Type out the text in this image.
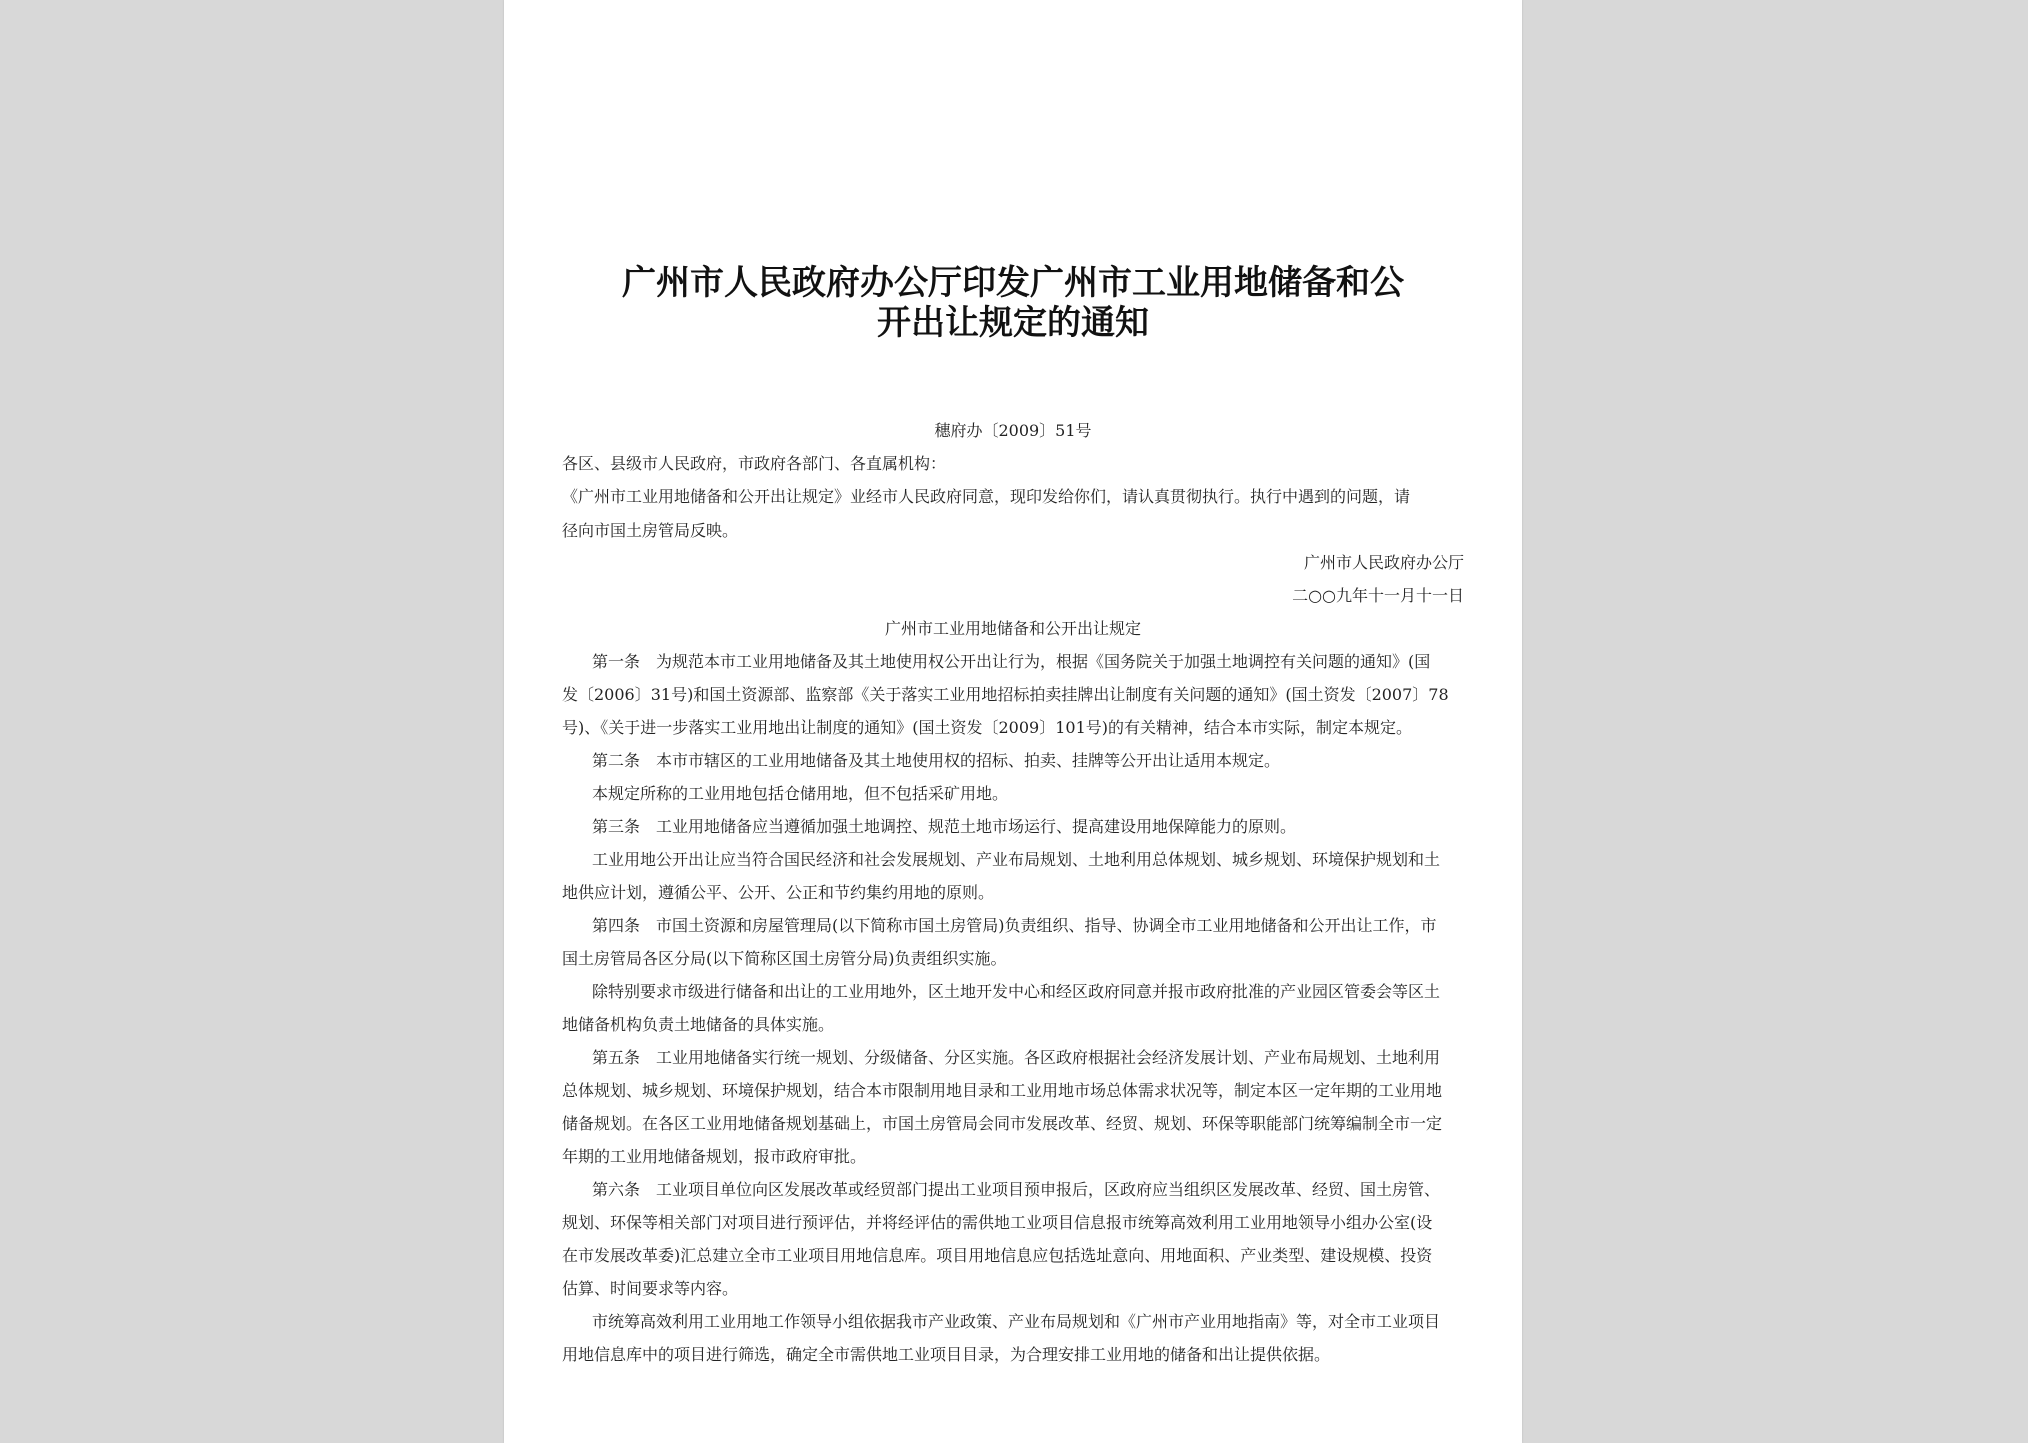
广州市人民政府办公厅印发广州市工业用地储备和公
开出让规定的通知
穗府办〔2009〕51号
各区、县级市人民政府，市政府各部门、各直属机构：
《广州市工业用地储备和公开出让规定》业经市人民政府同意，现印发给你们，请认真贯彻执行。执行中遇到的问题，请
径向市国土房管局反映。
广州市人民政府办公厅
二○○九年十一月十一日
广州市工业用地储备和公开出让规定
第一条　为规范本市工业用地储备及其土地使用权公开出让行为，根据《国务院关于加强土地调控有关问题的通知》(国
发〔2006〕31号)和国土资源部、监察部《关于落实工业用地招标拍卖挂牌出让制度有关问题的通知》(国土资发〔2007〕78
号)、《关于进一步落实工业用地出让制度的通知》(国土资发〔2009〕101号)的有关精神，结合本市实际，制定本规定。
第二条　本市市辖区的工业用地储备及其土地使用权的招标、拍卖、挂牌等公开出让适用本规定。
本规定所称的工业用地包括仓储用地，但不包括采矿用地。
第三条　工业用地储备应当遵循加强土地调控、规范土地市场运行、提高建设用地保障能力的原则。
工业用地公开出让应当符合国民经济和社会发展规划、产业布局规划、土地利用总体规划、城乡规划、环境保护规划和土
地供应计划，遵循公平、公开、公正和节约集约用地的原则。
第四条　市国土资源和房屋管理局(以下简称市国土房管局)负责组织、指导、协调全市工业用地储备和公开出让工作，市
国土房管局各区分局(以下简称区国土房管分局)负责组织实施。
除特别要求市级进行储备和出让的工业用地外，区土地开发中心和经区政府同意并报市政府批准的产业园区管委会等区土
地储备机构负责土地储备的具体实施。
第五条　工业用地储备实行统一规划、分级储备、分区实施。各区政府根据社会经济发展计划、产业布局规划、土地利用
总体规划、城乡规划、环境保护规划，结合本市限制用地目录和工业用地市场总体需求状况等，制定本区一定年期的工业用地
储备规划。在各区工业用地储备规划基础上，市国土房管局会同市发展改革、经贸、规划、环保等职能部门统筹编制全市一定
年期的工业用地储备规划，报市政府审批。
第六条　工业项目单位向区发展改革或经贸部门提出工业项目预申报后，区政府应当组织区发展改革、经贸、国土房管、
规划、环保等相关部门对项目进行预评估，并将经评估的需供地工业项目信息报市统筹高效利用工业用地领导小组办公室(设
在市发展改革委)汇总建立全市工业项目用地信息库。项目用地信息应包括选址意向、用地面积、产业类型、建设规模、投资
估算、时间要求等内容。
市统筹高效利用工业用地工作领导小组依据我市产业政策、产业布局规划和《广州市产业用地指南》等，对全市工业项目
用地信息库中的项目进行筛选，确定全市需供地工业项目目录，为合理安排工业用地的储备和出让提供依据。
